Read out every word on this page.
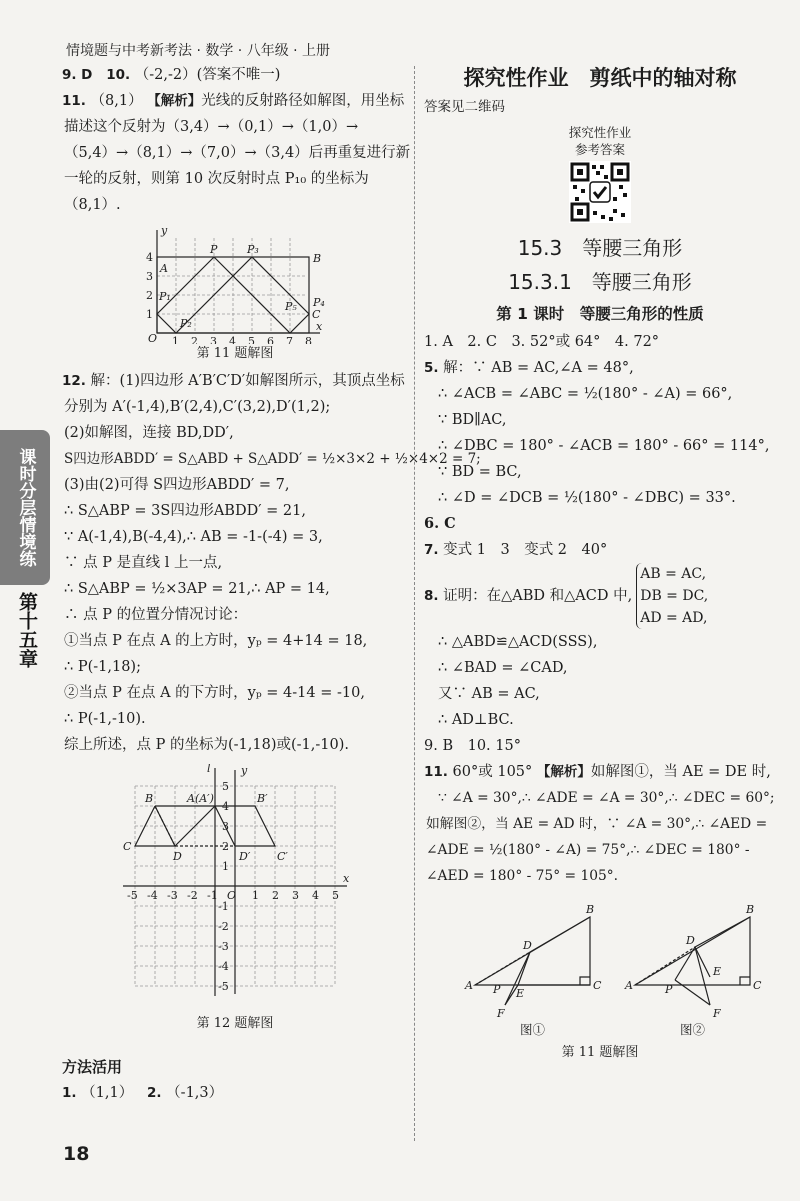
情境题与中考新考法 · 数学 · 八年级 · 上册
课时分层情境练
第十五章
9. D 10. （-2,-2）(答案不唯一)
11. （8,1） 【解析】光线的反射路径如解图，用坐标
描述这个反射为（3,4）→（0,1）→（1,0）→
（5,4）→（8,1）→（7,0）→（3,4）后再重复进行新
一轮的反射，则第 10 次反射时点 P₁₀ 的坐标为
（8,1）.
x
y
O
A
B
C
P	P₃
P₁
P₂
P₄
P₅
1 2 3 4 5 6 7 8
1
2
3
4
第 11 题解图
12. 解：(1)四边形 A′B′C′D′如解图所示，其顶点坐标
分别为 A′(-1,4),B′(2,4),C′(3,2),D′(1,2);
(2)如解图，连接 BD,DD′,
S四边形ABDD′ = S△ABD + S△ADD′ = ½×3×2 + ½×4×2 = 7;
(3)由(2)可得 S四边形ABDD′ = 7,
∴ S△ABP = 3S四边形ABDD′ = 21,
∵ A(-1,4),B(-4,4),∴ AB = -1-(-4) = 3,
∵ 点 P 是直线 l 上一点,
∴ S△ABP = ½×3AP = 21,∴ AP = 14,
∴ 点 P 的位置分情况讨论：
①当点 P 在点 A 的上方时，yₚ = 4+14 = 18,
∴ P(-1,18);
②当点 P 在点 A 的下方时，yₚ = 4-14 = -10,
∴ P(-1,-10).
综上所述，点 P 的坐标为(-1,18)或(-1,-10).
l	y
x
B	A(A′)	B′
C
D	D′ C′
-5 -4 -3 -2 -1 O 1 2 3 4 5
5
4
3
2
1
-1
-2
-3
-4
-5
第 12 题解图
方法活用
1. （1,1） 2. （-1,3）
探究性作业　剪纸中的轴对称
答案见二维码
探究性作业
参考答案
15.3　等腰三角形
15.3.1　等腰三角形
第 1 课时　等腰三角形的性质
1. A　2. C　3. 52°或 64°　4. 72°
5. 解：∵ AB = AC,∠A = 48°,
∴ ∠ACB = ∠ABC = ½(180° - ∠A) = 66°,
∵ BD∥AC,
∴ ∠DBC = 180° - ∠ACB = 180° - 66° = 114°,
∵ BD = BC,
∴ ∠D = ∠DCB = ½(180° - ∠DBC) = 33°.
6. C
7. 变式 1　3　变式 2　40°
8.
证明：在△ABD 和△ACD 中,
AB = AC,
DB = DC,
AD = AD,
∴ △ABD≌△ACD(SSS),
∴ ∠BAD = ∠CAD,
又∵ AB = AC,
∴ AD⊥BC.
9. B　10. 15°
11. 60°或 105° 【解析】如解图①，当 AE = DE 时,
∵ ∠A = 30°,∴ ∠ADE = ∠A = 30°,∴ ∠DEC = 60°;
如解图②，当 AE = AD 时，∵ ∠A = 30°,∴ ∠AED =
∠ADE = ½(180° - ∠A) = 75°,∴ ∠DEC = 180° -
∠AED = 180° - 75° = 105°.
A
B
C
D
E
P
F
A
B
C
D
E
P
F
图①	图②
第 11 题解图
18
